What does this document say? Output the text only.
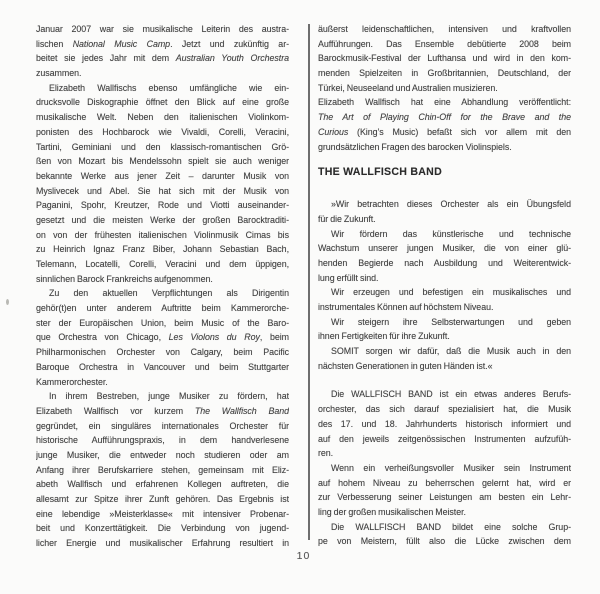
Januar 2007 war sie musikalische Leiterin des austra-
lischen National Music Camp. Jetzt und zukünftig ar-
beitet sie jedes Jahr mit dem Australian Youth Orchestra
zusammen.
Elizabeth Wallfischs ebenso umfängliche wie ein-
drucksvolle Diskographie öffnet den Blick auf eine große
musikalische Welt. Neben den italienischen Violinkom-
ponisten des Hochbarock wie Vivaldi, Corelli, Veracini,
Tartini, Geminiani und den klassisch-romantischen Grö-
ßen von Mozart bis Mendelssohn spielt sie auch weniger
bekannte Werke aus jener Zeit – darunter Musik von
Myslivecek und Abel. Sie hat sich mit der Musik von
Paganini, Spohr, Kreutzer, Rode und Viotti auseinander-
gesetzt und die meisten Werke der großen Barocktraditi-
on von der frühesten italienischen Violinmusik Cimas bis
zu Heinrich Ignaz Franz Biber, Johann Sebastian Bach,
Telemann, Locatelli, Corelli, Veracini und dem üppigen,
sinnlichen Barock Frankreichs aufgenommen.
Zu den aktuellen Verpflichtungen als Dirigentin
gehör(t)en unter anderem Auftritte beim Kammerorche-
ster der Europäischen Union, beim Music of the Baro-
que Orchestra von Chicago, Les Violons du Roy, beim
Philharmonischen Orchester von Calgary, beim Pacific
Baroque Orchestra in Vancouver und beim Stuttgarter
Kammerorchester.
In ihrem Bestreben, junge Musiker zu fördern, hat
Elizabeth Wallfisch vor kurzem The Wallfisch Band
gegründet, ein singuläres internationales Orchester für
historische Aufführungspraxis, in dem handverlesene
junge Musiker, die entweder noch studieren oder am
Anfang ihrer Berufskarriere stehen, gemeinsam mit Eliz-
abeth Wallfisch und erfahrenen Kollegen auftreten, die
allesamt zur Spitze ihrer Zunft gehören. Das Ergebnis ist
eine lebendige »Meisterklasse« mit intensiver Probenar-
beit und Konzerttätigkeit. Die Verbindung von jugend-
licher Energie und musikalischer Erfahrung resultiert in
äußerst leidenschaftlichen, intensiven und kraftvollen
Aufführungen. Das Ensemble debütierte 2008 beim
Barockmusik-Festival der Lufthansa und wird in den kom-
menden Spielzeiten in Großbritannien, Deutschland, der
Türkei, Neuseeland und Australien musizieren.
Elizabeth Wallfisch hat eine Abhandlung veröffentlicht:
The Art of Playing Chin-Off for the Brave and the
Curious (King’s Music) befaßt sich vor allem mit den
grundsätzlichen Fragen des barocken Violinspiels.
THE WALLFISCH BAND
»Wir betrachten dieses Orchester als ein Übungsfeld
für die Zukunft.
Wir fördern das künstlerische und technische
Wachstum unserer jungen Musiker, die von einer glü-
henden Begierde nach Ausbildung und Weiterentwick-
lung erfüllt sind.
Wir erzeugen und befestigen ein musikalisches und
instrumentales Können auf höchstem Niveau.
Wir steigern ihre Selbsterwartungen und geben
ihnen Fertigkeiten für ihre Zukunft.
SOMIT sorgen wir dafür, daß die Musik auch in den
nächsten Generationen in guten Händen ist.«
Die WALLFISCH BAND ist ein etwas anderes Berufs-
orchester, das sich darauf spezialisiert hat, die Musik
des 17. und 18. Jahrhunderts historisch informiert und
auf den jeweils zeitgenössischen Instrumenten aufzufüh-
ren.
Wenn ein verheißungsvoller Musiker sein Instrument
auf hohem Niveau zu beherrschen gelernt hat, wird er
zur Verbesserung seiner Leistungen am besten ein Lehr-
ling der großen musikalischen Meister.
Die WALLFISCH BAND bildet eine solche Grup-
pe von Meistern, füllt also die Lücke zwischen dem
10
